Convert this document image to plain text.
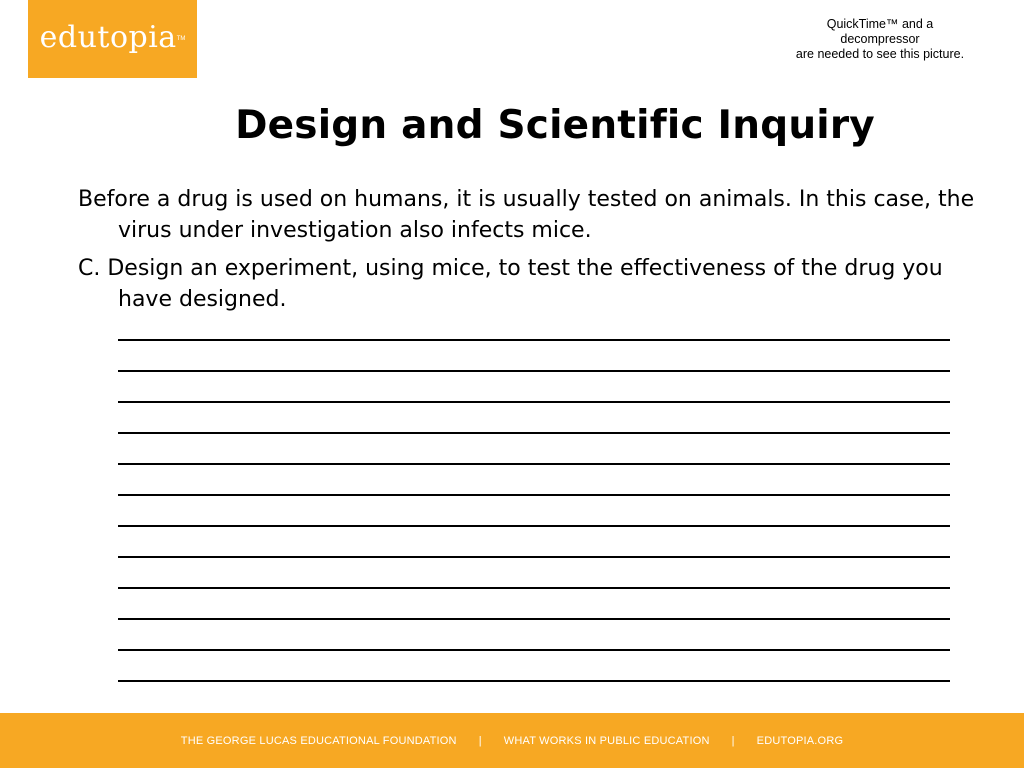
edutopia TM
QuickTime™ and a
decompressor
are needed to see this picture.
Design and Scientific Inquiry

Before a drug is used on humans, it is usually tested on animals. In this case, the virus under investigation also infects mice.

C. Design an experiment, using mice, to test the effectiveness of the drug you have designed.

THE GEORGE LUCAS EDUCATIONAL FOUNDATION | WHAT WORKS IN PUBLIC EDUCATION | EDUTOPIA.ORG
